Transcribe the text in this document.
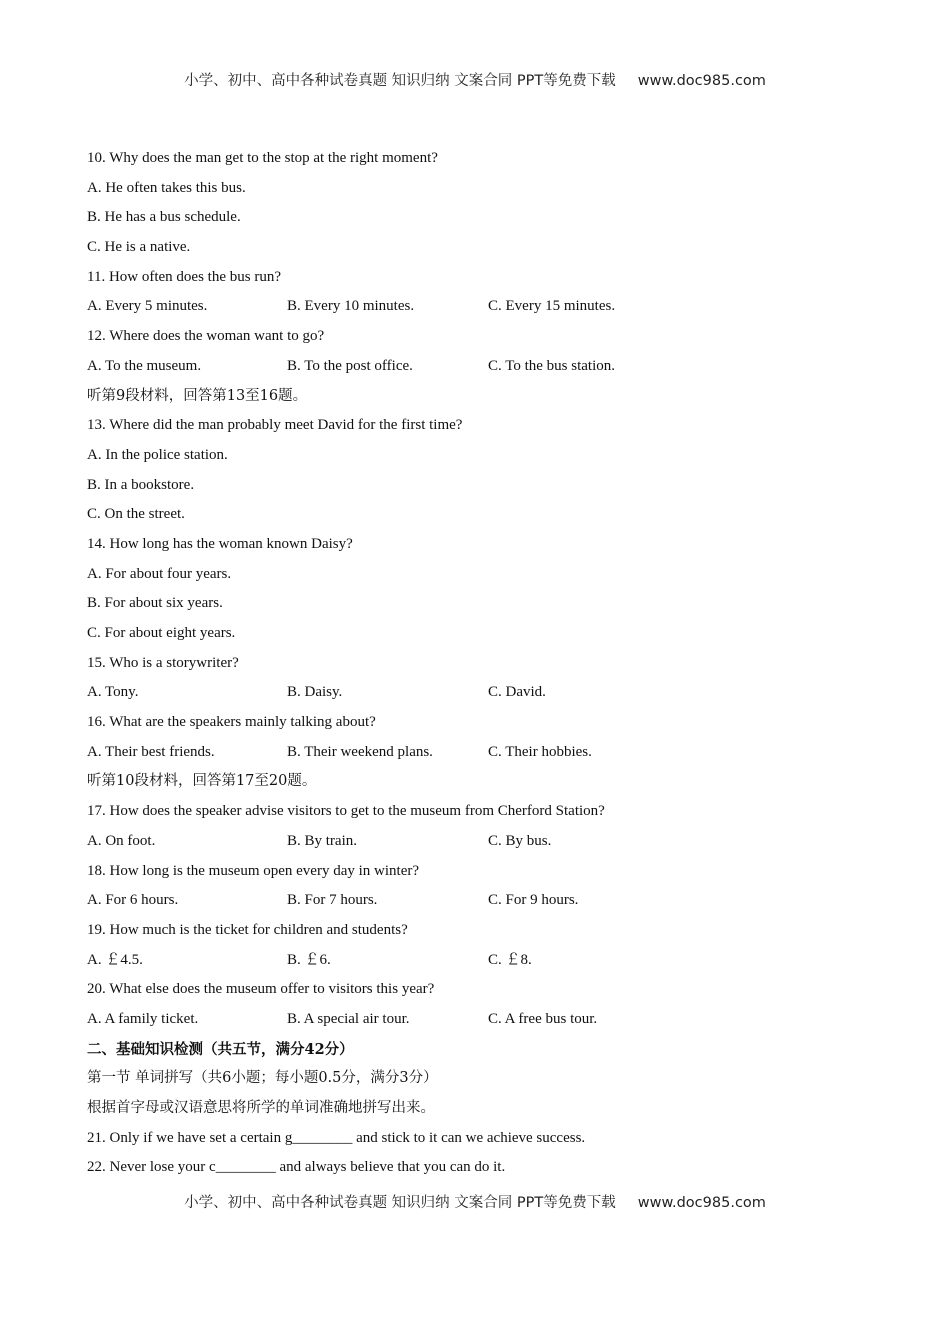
小学、初中、高中各种试卷真题 知识归纳 文案合同 PPT等免费下载 www.doc985.com
10. Why does the man get to the stop at the right moment?
A. He often takes this bus.
B. He has a bus schedule.
C. He is a native.
11. How often does the bus run?
A. Every 5 minutes.	B. Every 10 minutes.	C. Every 15 minutes.
12. Where does the woman want to go?
A. To the museum.	B. To the post office.	C. To the bus station.
听第9段材料，回答第13至16题。
13. Where did the man probably meet David for the first time?
A. In the police station.
B. In a bookstore.
C. On the street.
14. How long has the woman known Daisy?
A. For about four years.
B. For about six years.
C. For about eight years.
15. Who is a storywriter?
A. Tony.	B. Daisy.	C. David.
16. What are the speakers mainly talking about?
A. Their best friends.	B. Their weekend plans.	C. Their hobbies.
听第10段材料，回答第17至20题。
17. How does the speaker advise visitors to get to the museum from Cherford Station?
A. On foot.	B. By train.	C. By bus.
18. How long is the museum open every day in winter?
A. For 6 hours.	B. For 7 hours.	C. For 9 hours.
19. How much is the ticket for children and students?
A. ￡4.5.	B. ￡6.	C. ￡8.
20. What else does the museum offer to visitors this year?
A. A family ticket.	B. A special air tour.	C. A free bus tour.
二、基础知识检测（共五节，满分42分）
第一节 单词拼写（共6小题；每小题0.5分，满分3分）
根据首字母或汉语意思将所学的单词准确地拼写出来。
21. Only if we have set a certain g________ and stick to it can we achieve success.
22. Never lose your c________ and always believe that you can do it.
小学、初中、高中各种试卷真题 知识归纳 文案合同 PPT等免费下载 www.doc985.com
